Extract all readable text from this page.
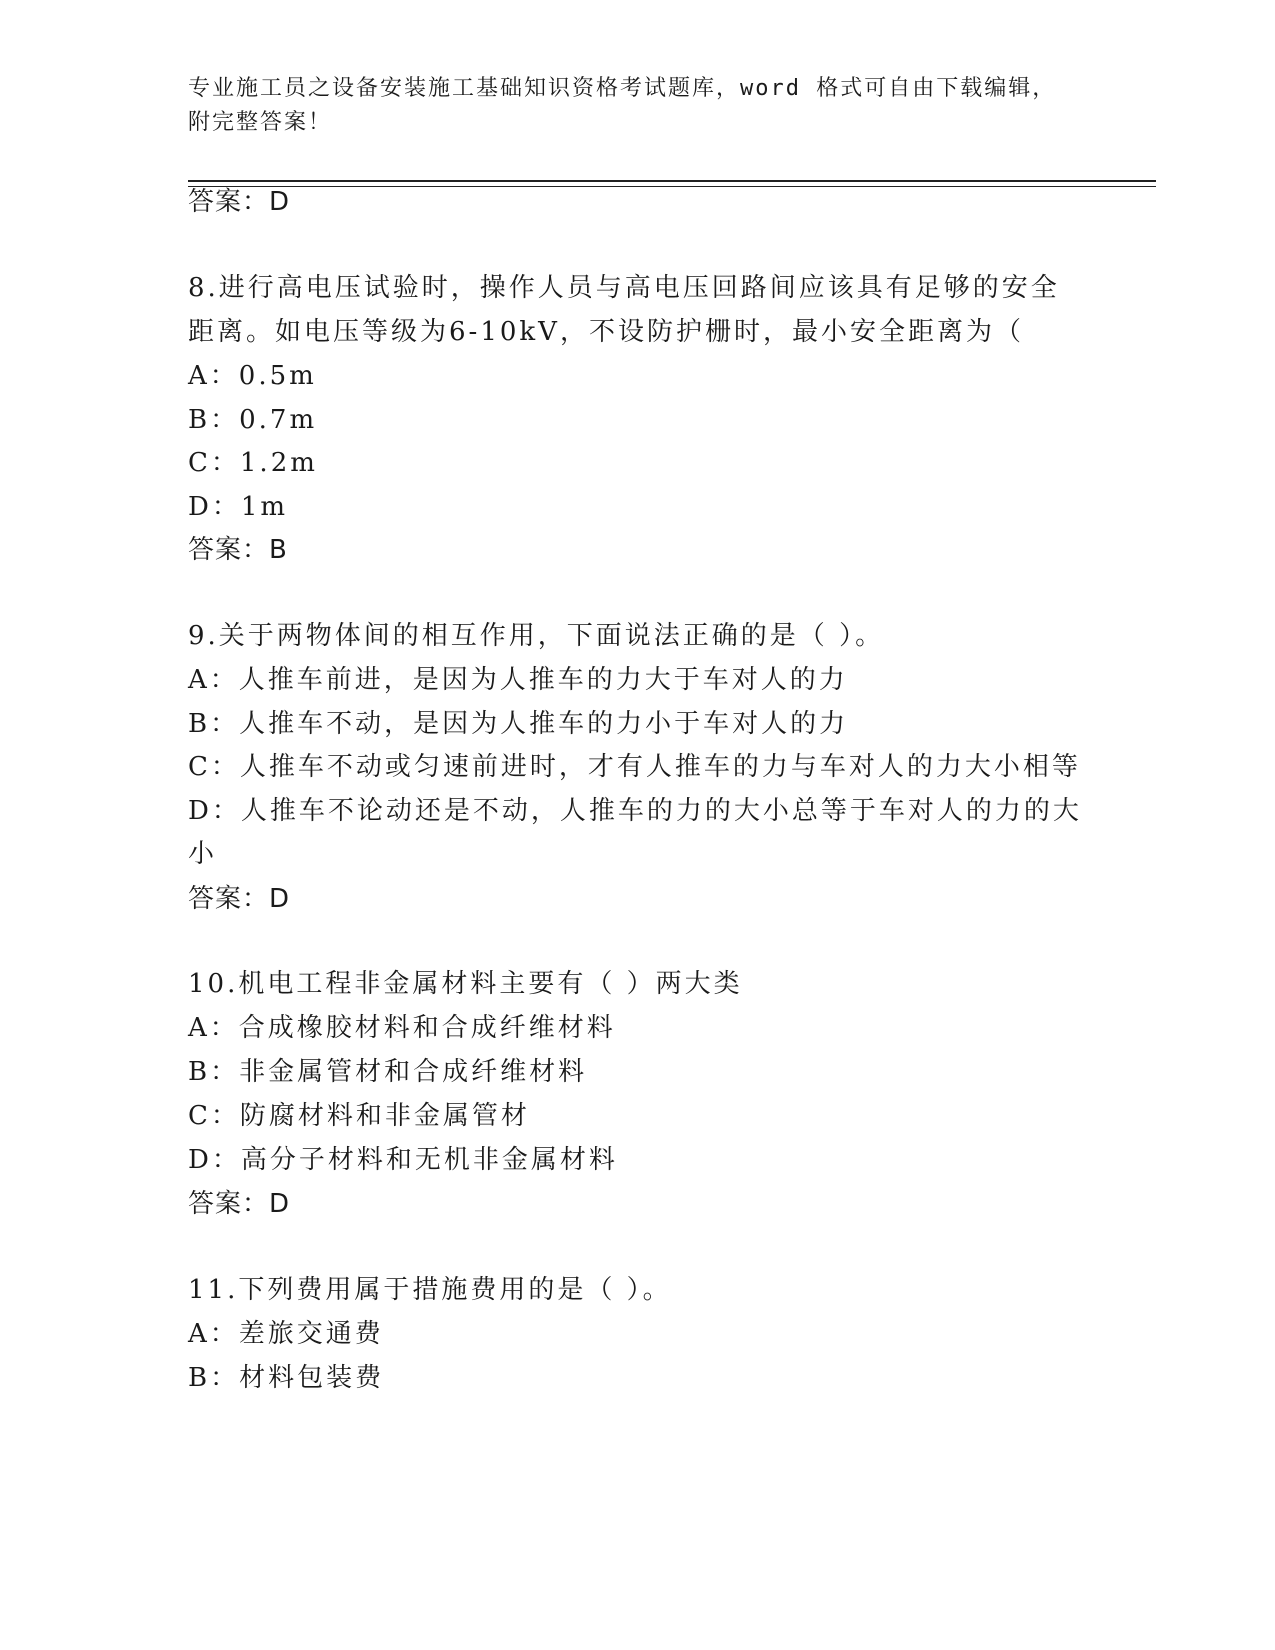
专业施工员之设备安装施工基础知识资格考试题库，word 格式可自由下载编辑，
附完整答案！
答案：D
8.进行高电压试验时，操作人员与高电压回路间应该具有足够的安全
距离。如电压等级为6-10kV，不设防护栅时，最小安全距离为（
A：0.5m
B：0.7m
C：1.2m
D：1m
答案：B
9.关于两物体间的相互作用，下面说法正确的是（ ）。
A：人推车前进，是因为人推车的力大于车对人的力
B：人推车不动，是因为人推车的力小于车对人的力
C：人推车不动或匀速前进时，才有人推车的力与车对人的力大小相等
D：人推车不论动还是不动，人推车的力的大小总等于车对人的力的大
小
答案：D
10.机电工程非金属材料主要有（ ）两大类
A：合成橡胶材料和合成纤维材料
B：非金属管材和合成纤维材料
C：防腐材料和非金属管材
D：高分子材料和无机非金属材料
答案：D
11.下列费用属于措施费用的是（ ）。
A：差旅交通费
B：材料包装费
